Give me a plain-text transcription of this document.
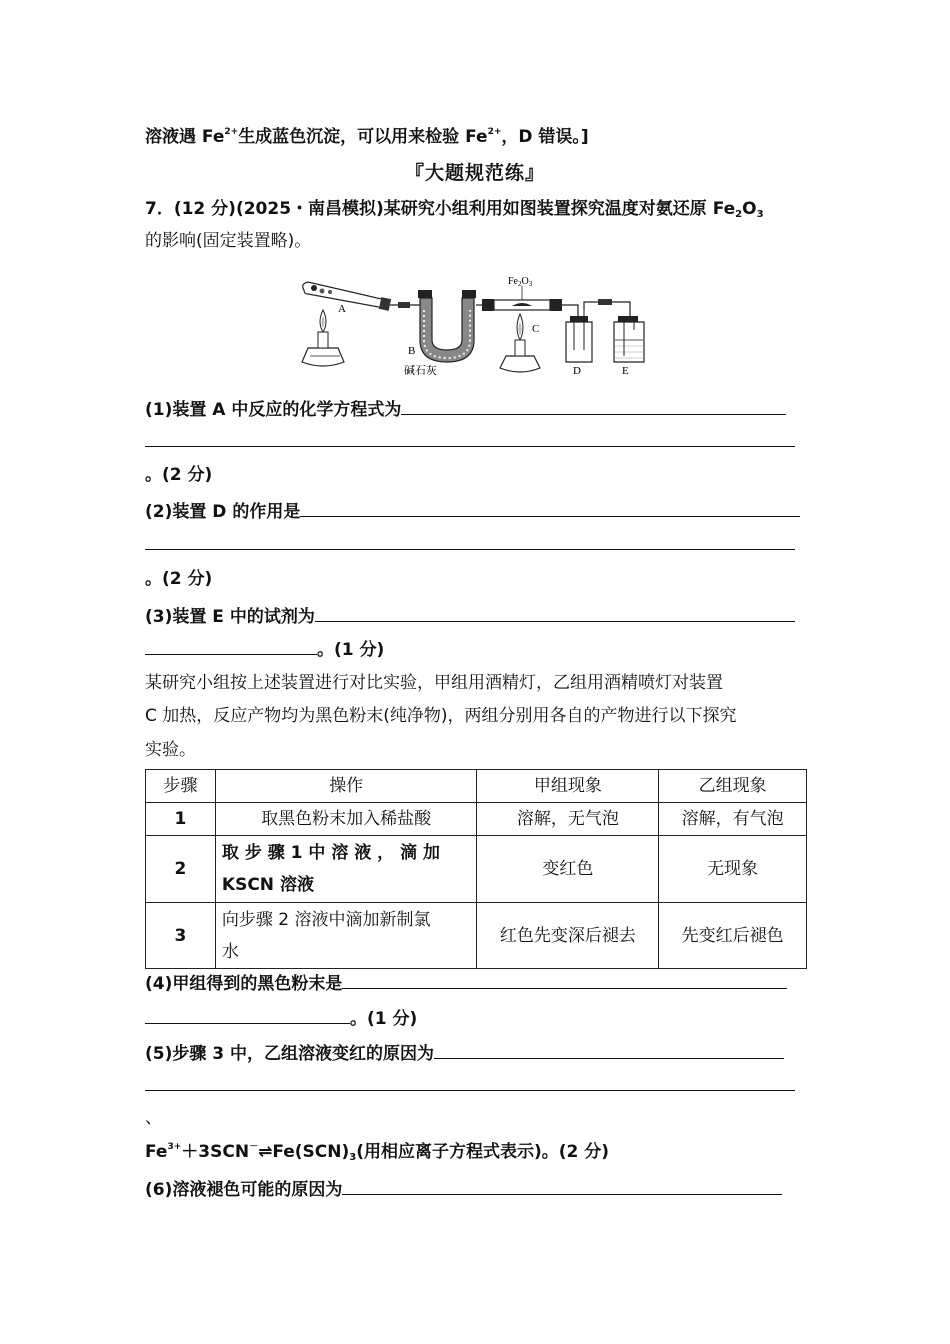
溶液遇 $Fe^{2+}$生成蓝色沉淀，可以用来检验 $Fe^{2+}$，D 错误。]
『大题规范练』
7．(12 分)(2025・南昌模拟)某研究小组利用如图装置探究温度对氨还原 $Fe_2O_3$
的影响(固定装置略)。
A
B
碱石灰
$Fe_2O_3$
C
D	E
(1)装置 A 中反应的化学方程式为
。(2 分)
(2)装置 D 的作用是
。(2 分)
(3)装置 E 中的试剂为
。(1 分)
某研究小组按上述装置进行对比实验，甲组用酒精灯，乙组用酒精喷灯对装置
C 加热，反应产物均为黑色粉末(纯净物)，两组分别用各自的产物进行以下探究
实验。
步骤	操作	甲组现象	乙组现象
1	取黑色粉末加入稀盐酸	溶解，无气泡	溶解，有气泡
2	取 步 骤 1 中 溶 液 ， 滴 加
KSCN 溶液	变红色	无现象
3	向步骤 2 溶液中滴加新制氯
水	红色先变深后褪去	先变红后褪色
(4)甲组得到的黑色粉末是
。(1 分)
(5)步骤 3 中，乙组溶液变红的原因为
、
$Fe^{3+}+3SCN^-\rightleftharpoons Fe(SCN)_3$(用相应离子方程式表示)。(2 分)
(6)溶液褪色可能的原因为
